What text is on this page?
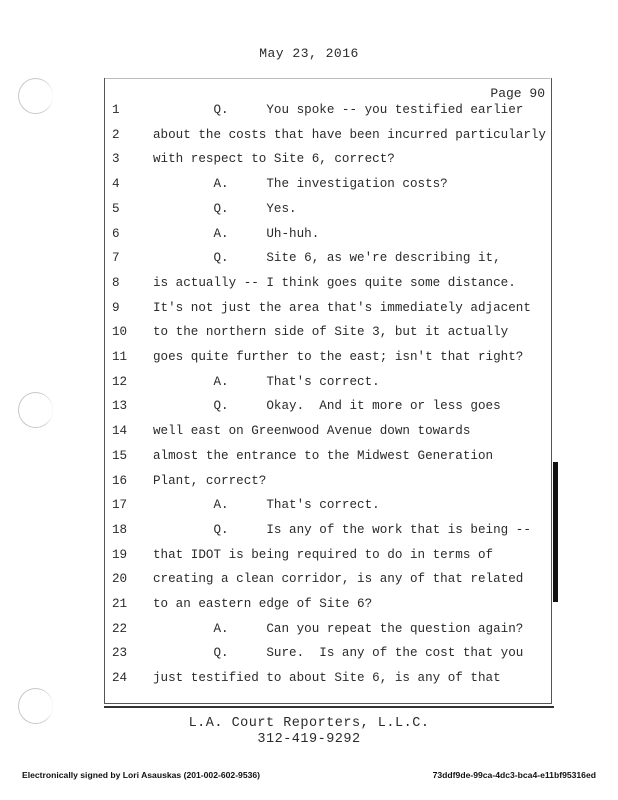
May 23, 2016
Page 90
1	Q.     You spoke -- you testified earlier
2	about the costs that have been incurred particularly
3	with respect to Site 6, correct?
4	A.     The investigation costs?
5	Q.     Yes.
6	A.     Uh-huh.
7	Q.     Site 6, as we're describing it,
8	is actually -- I think goes quite some distance.
9	It's not just the area that's immediately adjacent
10	to the northern side of Site 3, but it actually
11	goes quite further to the east; isn't that right?
12	A.     That's correct.
13	Q.     Okay.  And it more or less goes
14	well east on Greenwood Avenue down towards
15	almost the entrance to the Midwest Generation
16	Plant, correct?
17	A.     That's correct.
18	Q.     Is any of the work that is being --
19	that IDOT is being required to do in terms of
20	creating a clean corridor, is any of that related
21	to an eastern edge of Site 6?
22	A.     Can you repeat the question again?
23	Q.     Sure.  Is any of the cost that you
24	just testified to about Site 6, is any of that
L.A. Court Reporters, L.L.C.
312-419-9292
Electronically signed by Lori Asauskas (201-002-602-9536)	73ddf9de-99ca-4dc3-bca4-e11bf95316ed
